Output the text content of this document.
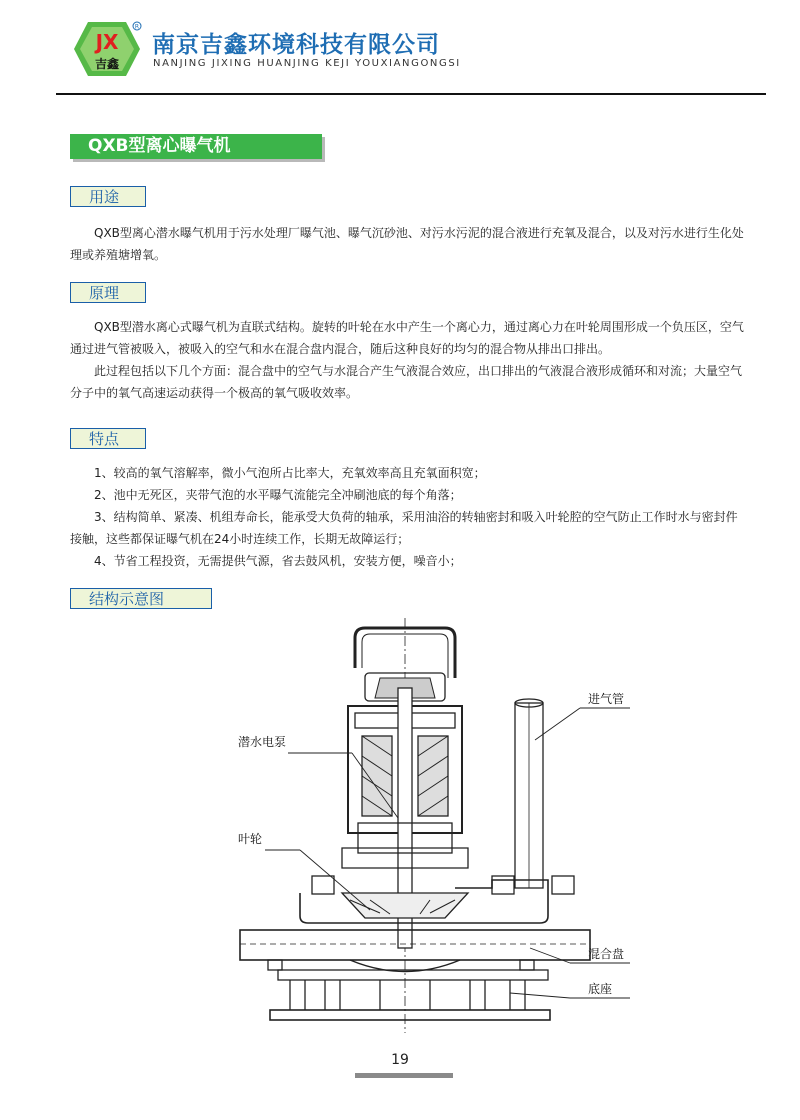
JX
吉鑫
R
南京吉鑫环境科技有限公司
NANJING JIXING HUANJING KEJI YOUXIANGONGSI
QXB型离心曝气机
用途

QXB型离心潜水曝气机用于污水处理厂曝气池、曝气沉砂池、对污水污泥的混合液进行充氧及混合，以及对污水进行生化处理或养殖塘增氧。

原理

QXB型潜水离心式曝气机为直联式结构。旋转的叶轮在水中产生一个离心力，通过离心力在叶轮周围形成一个负压区，空气通过进气管被吸入，被吸入的空气和水在混合盘内混合，随后这种良好的均匀的混合物从排出口排出。

此过程包括以下几个方面：混合盘中的空气与水混合产生气液混合效应，出口排出的气液混合液形成循环和对流；大量空气分子中的氧气高速运动获得一个极高的氧气吸收效率。

特点

1、较高的氧气溶解率，微小气泡所占比率大，充氧效率高且充氧面积宽；

2、池中无死区，夹带气泡的水平曝气流能完全冲刷池底的每个角落；

3、结构简单、紧凑、机组寿命长，能承受大负荷的轴承，采用油浴的转轴密封和吸入叶轮腔的空气防止工作时水与密封件接触，这些都保证曝气机在24小时连续工作，长期无故障运行；

4、节省工程投资，无需提供气源，省去鼓风机，安装方便，噪音小；

结构示意图
进气管
潜水电泵
叶轮
混合盘
底座
19
